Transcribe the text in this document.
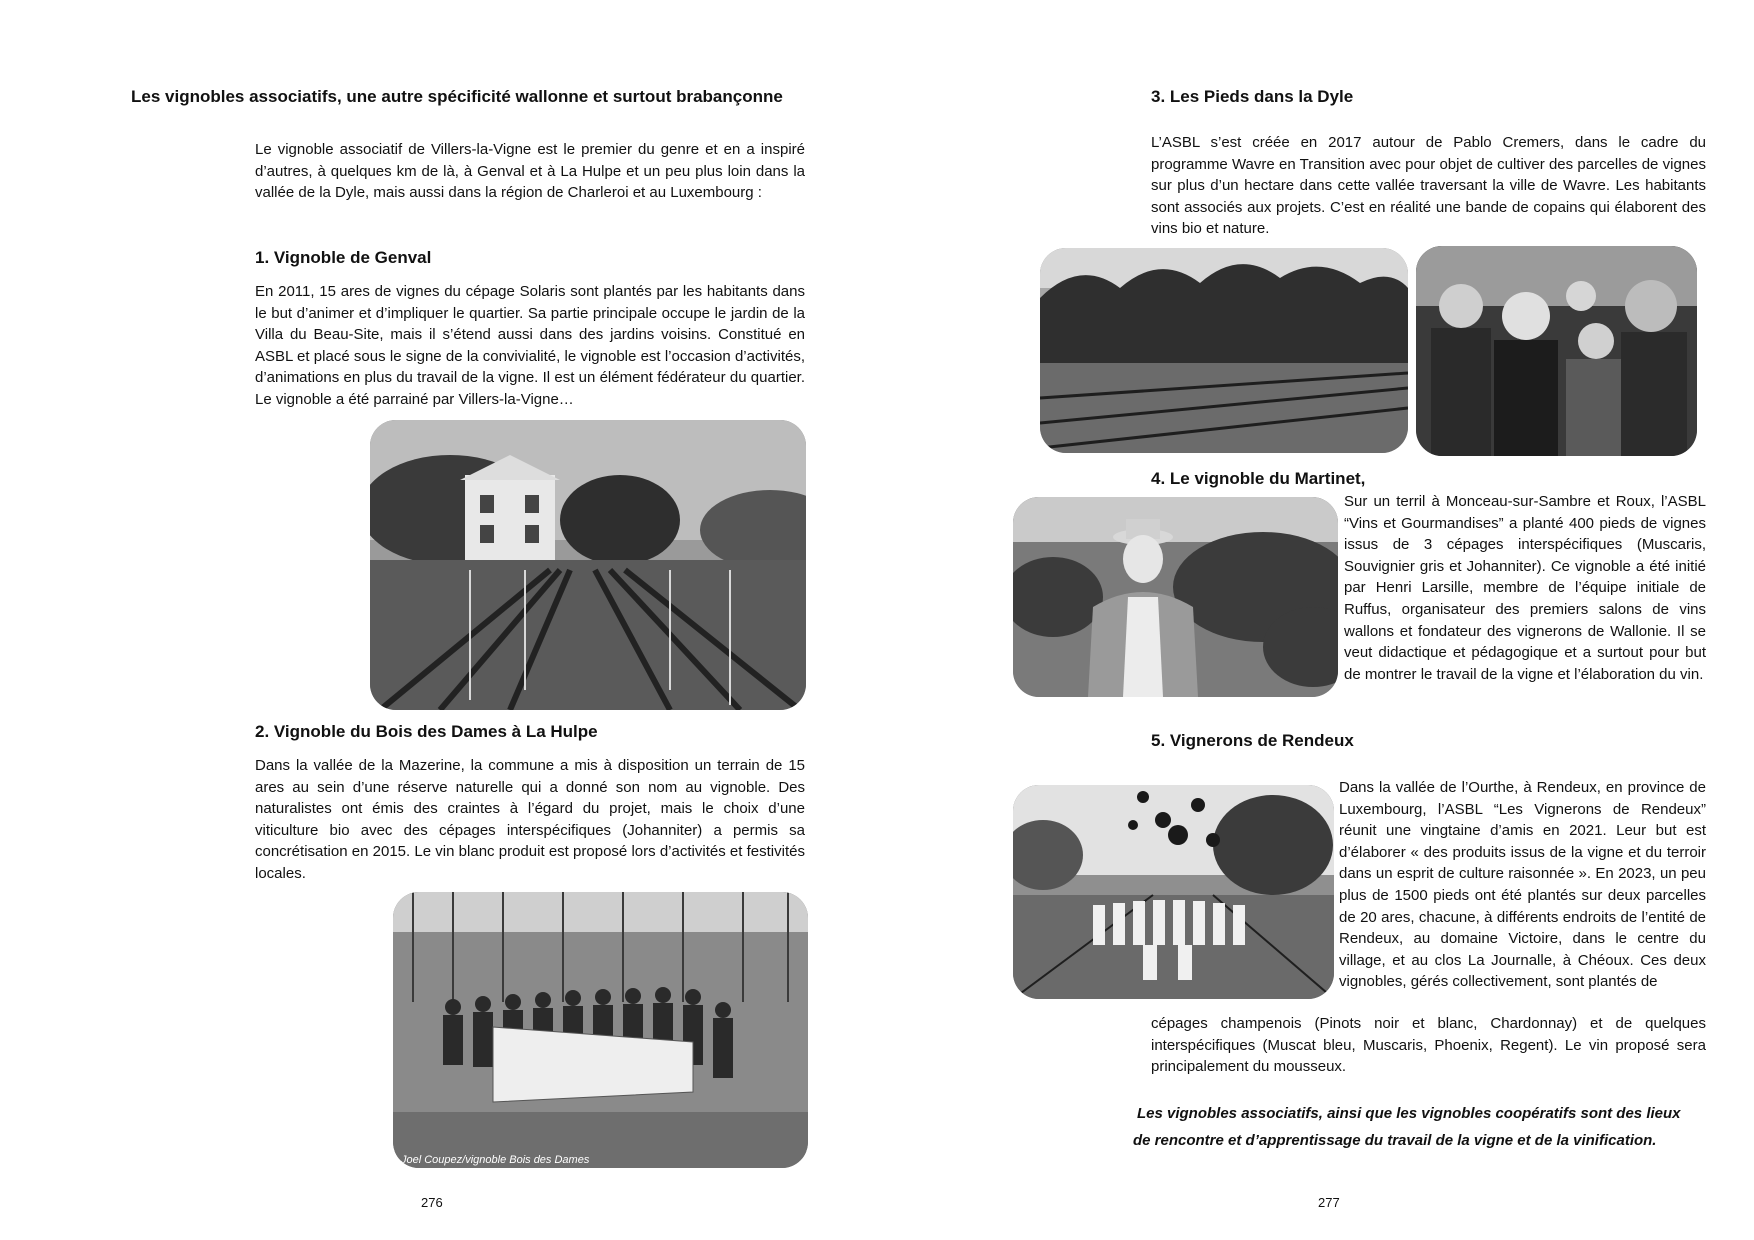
Les vignobles associatifs, une autre spécificité wallonne et surtout brabançonne

Le vignoble associatif de Villers-la-Vigne est le premier du genre et en a inspiré d’autres, à quelques km de là, à Genval et à La Hulpe et un peu plus loin dans la vallée de la Dyle, mais aussi dans la région de Charleroi et au Luxembourg :

1. Vignoble de Genval

En 2011, 15 ares de vignes du cépage Solaris sont plantés par les habitants dans le but d’animer et d’impliquer le quartier. Sa partie principale occupe le jardin de la Villa du Beau-Site, mais il s’étend aussi dans des jardins voisins. Constitué en ASBL et placé sous le signe de la convivialité, le vignoble est l’occasion d’activités, d’animations en plus du travail de la vigne. Il est un élément fédérateur du quartier. Le vignoble a été parrainé par Villers-la-Vigne…

2. Vignoble du Bois des Dames à La Hulpe

Dans la vallée de la Mazerine, la commune a mis à disposition un terrain de 15 ares au sein d’une réserve naturelle qui a donné son nom au vignoble. Des naturalistes ont émis des craintes à l’égard du projet, mais le choix d’une viticulture bio avec des cépages interspécifiques (Johanniter) a permis sa concrétisation en 2015. Le vin blanc produit est proposé lors d’activités et festivités locales.

Joel Coupez/vignoble Bois des Dames
276
3. Les Pieds dans la Dyle

L’ASBL s’est créée en 2017 autour de Pablo Cremers, dans le cadre du programme Wavre en Transition avec pour objet de cultiver des parcelles de vignes sur plus d’un hectare dans cette vallée traversant la ville de Wavre. Les habitants sont associés aux projets. C’est en réalité une bande de copains qui élaborent des vins bio et nature.

4. Le vignoble du Martinet,

Sur un terril à Monceau-sur-Sambre et Roux, l’ASBL “Vins et Gourmandises” a planté 400 pieds de vignes issus de 3 cépages interspécifiques (Muscaris, Souvignier gris et Johanniter). Ce vignoble a été initié par Henri Larsille, membre de l’équipe initiale de Ruffus, organisateur des premiers salons de vins wallons et fondateur des vignerons de Wallonie. Il se veut didactique et pédagogique et a surtout pour but de montrer le travail de la vigne et l’élaboration du vin.

5. Vignerons de Rendeux

Dans la vallée de l’Ourthe, à Rendeux, en province de Luxembourg, l’ASBL “Les Vignerons de Rendeux” réunit une vingtaine d’amis en 2021. Leur but est d’élaborer « des produits issus de la vigne et du terroir dans un esprit de culture raisonnée ». En 2023, un peu plus de 1500 pieds ont été plantés sur deux parcelles de 20 ares, chacune, à différents endroits de l’entité de Rendeux, au domaine Victoire, dans le centre du village, et au clos La Journalle, à Chéoux. Ces deux vignobles, gérés collectivement, sont plantés de

cépages champenois (Pinots noir et blanc, Chardonnay) et de quelques interspécifiques (Muscat bleu, Muscaris, Phoenix, Regent). Le vin proposé sera principalement du mousseux.

Les vignobles associatifs, ainsi que les vignobles coopératifs sont des lieux

de rencontre et d’apprentissage du travail de la vigne et de la vinification.

277
